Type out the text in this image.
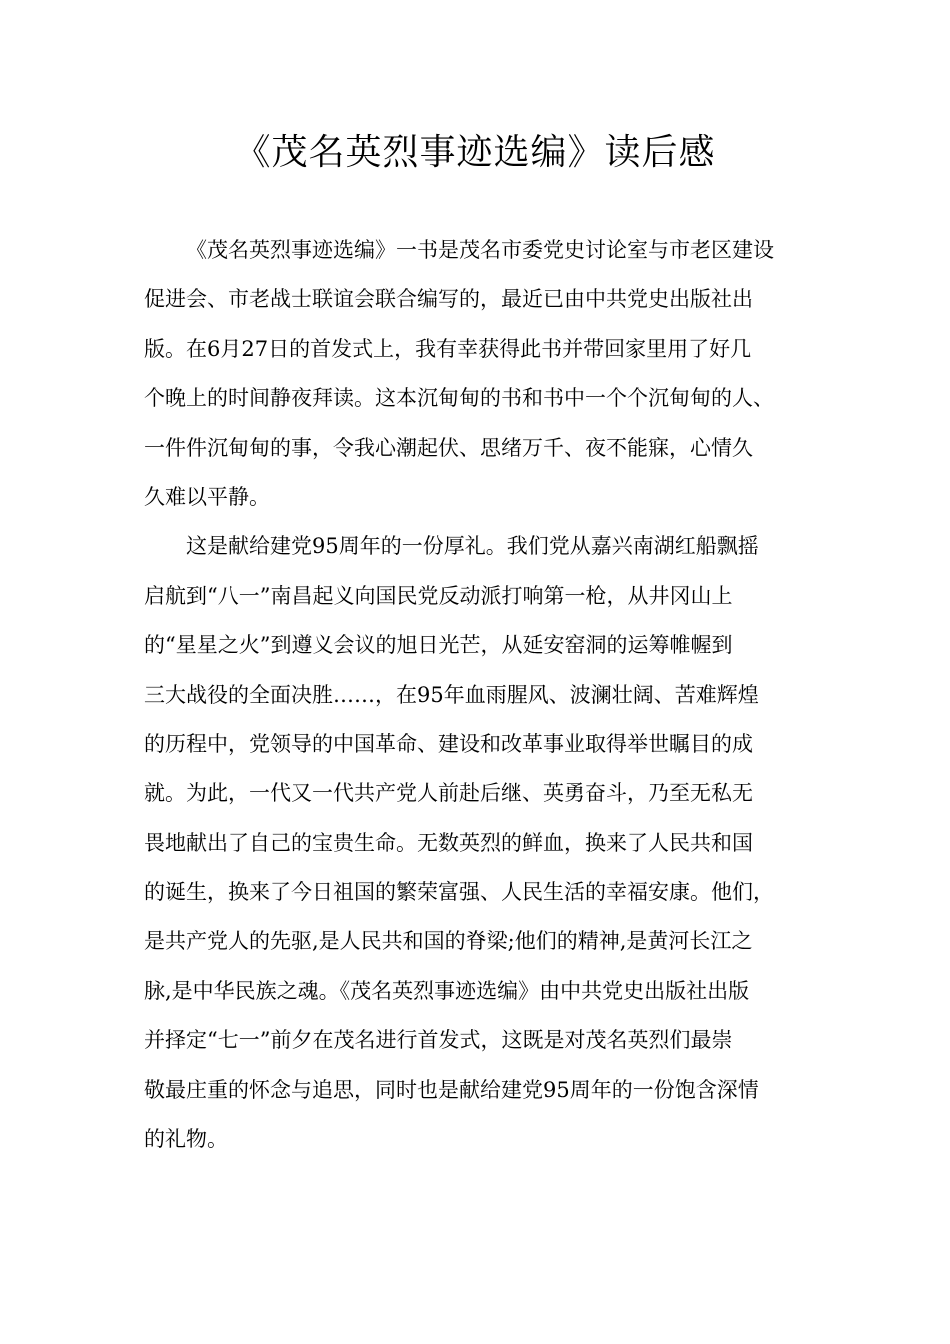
《茂名英烈事迹选编》读后感
《茂名英烈事迹选编》一书是茂名市委党史讨论室与市老区建设
促进会、市老战士联谊会联合编写的，最近已由中共党史出版社出
版。在6月27日的首发式上，我有幸获得此书并带回家里用了好几
个晚上的时间静夜拜读。这本沉甸甸的书和书中一个个沉甸甸的人、
一件件沉甸甸的事，令我心潮起伏、思绪万千、夜不能寐，心情久
久难以平静。
这是献给建党95周年的一份厚礼。我们党从嘉兴南湖红船飘摇
启航到“八一”南昌起义向国民党反动派打响第一枪，从井冈山上
的“星星之火”到遵义会议的旭日光芒，从延安窑洞的运筹帷幄到
三大战役的全面决胜……，在95年血雨腥风、波澜壮阔、苦难辉煌
的历程中，党领导的中国革命、建设和改革事业取得举世瞩目的成
就。为此，一代又一代共产党人前赴后继、英勇奋斗，乃至无私无
畏地献出了自己的宝贵生命。无数英烈的鲜血，换来了人民共和国
的诞生，换来了今日祖国的繁荣富强、人民生活的幸福安康。他们，
是共产党人的先驱,是人民共和国的脊梁;他们的精神,是黄河长江之
脉,是中华民族之魂。《茂名英烈事迹选编》由中共党史出版社出版
并择定“七一”前夕在茂名进行首发式，这既是对茂名英烈们最崇
敬最庄重的怀念与追思，同时也是献给建党95周年的一份饱含深情
的礼物。
